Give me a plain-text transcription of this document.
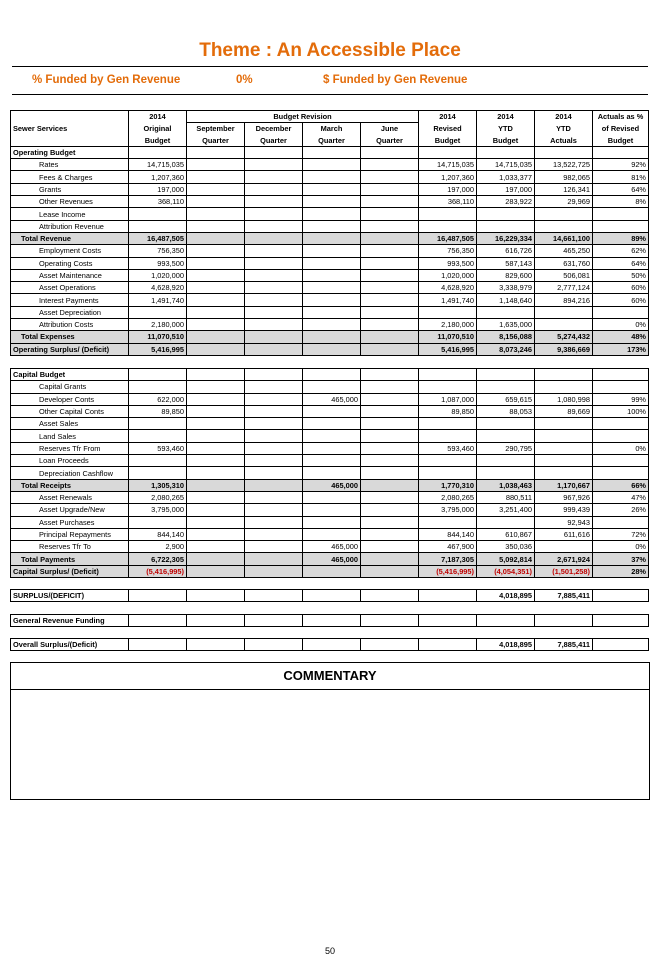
Theme : An Accessible Place
% Funded by Gen Revenue	0%	$ Funded by Gen Revenue
	2014	Budget Revision				2014	2014	2014	Actuals as %
Sewer Services	Original	September	December	March	June	Revised	YTD	YTD	of Revised
	Budget	Quarter	Quarter	Quarter	Quarter	Budget	Budget	Actuals	Budget
Operating Budget									
Rates	14,715,035					14,715,035	14,715,035	13,522,725	92%
Fees & Charges	1,207,360					1,207,360	1,033,377	982,065	81%
Grants	197,000					197,000	197,000	126,341	64%
Other Revenues	368,110					368,110	283,922	29,969	8%
Lease Income									
Attribution Revenue									
Total Revenue	16,487,505					16,487,505	16,229,334	14,661,100	89%
Employment Costs	756,350					756,350	616,726	465,250	62%
Operating Costs	993,500					993,500	587,143	631,760	64%
Asset Maintenance	1,020,000					1,020,000	829,600	506,081	50%
Asset Operations	4,628,920					4,628,920	3,338,979	2,777,124	60%
Interest Payments	1,491,740					1,491,740	1,148,640	894,216	60%
Asset Depreciation									
Attribution Costs	2,180,000					2,180,000	1,635,000		0%
Total Expenses	11,070,510					11,070,510	8,156,088	5,274,432	48%
Operating Surplus/ (Deficit)	5,416,995					5,416,995	8,073,246	9,386,669	173%
Capital Budget									
Capital Grants									
Developer Conts	622,000			465,000		1,087,000	659,615	1,080,998	99%
Other Capital Conts	89,850					89,850	88,053	89,669	100%
Asset Sales									
Land Sales									
Reserves Tfr From	593,460					593,460	290,795		0%
Loan Proceeds									
Depreciation Cashflow									
Total Receipts	1,305,310			465,000		1,770,310	1,038,463	1,170,667	66%
Asset Renewals	2,080,265					2,080,265	880,511	967,926	47%
Asset Upgrade/New	3,795,000					3,795,000	3,251,400	999,439	26%
Asset Purchases								92,943	
Principal Repayments	844,140					844,140	610,867	611,616	72%
Reserves Tfr To	2,900			465,000		467,900	350,036		0%
Total Payments	6,722,305			465,000		7,187,305	5,092,814	2,671,924	37%
Capital Surplus/ (Deficit)	(5,416,995)					(5,416,995)	(4,054,351)	(1,501,258)	28%
SURPLUS/(DEFICIT)							4,018,895	7,885,411	
General Revenue Funding									
Overall Surplus/(Deficit)							4,018,895	7,885,411	
COMMENTARY
50
